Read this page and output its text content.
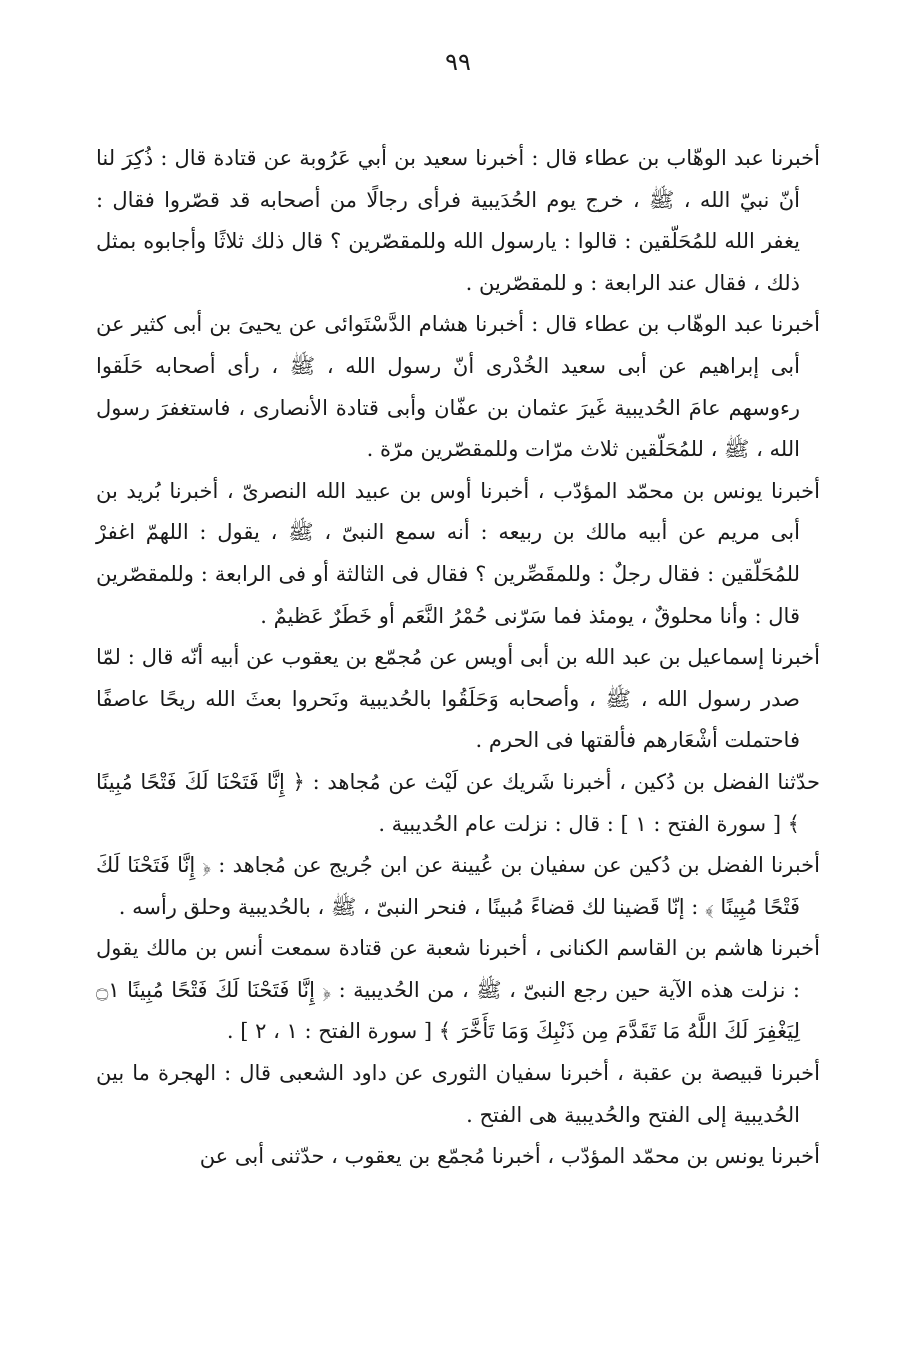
٩٩

أخبرنا عبد الوهّاب بن عطاء قال : أخبرنا سعيد بن أبي عَرُوبة عن قتادة قال : ذُكِرَ لنا أنّ نبيّ الله ، ﷺ ، خرج يوم الحُدَيبية فرأى رجالًا من أصحابه قد قصّروا فقال : يغفر الله للمُحَلّقين : قالوا : يارسول الله وللمقصّرين ؟ قال ذلك ثلاثًا وأجابوه بمثل ذلك ، فقال عند الرابعة : و للمقصّرين .

أخبرنا عبد الوهّاب بن عطاء قال : أخبرنا هشام الدَّسْتَوائى عن يحيىَ بن أبى كثير عن أبى إبراهيم عن أبى سعيد الخُدْرى أنّ رسول الله ، ﷺ ، رأى أصحابه حَلَقوا رءوسهم عامَ الحُديبية غَيرَ عثمان بن عفّان وأبى قتادة الأنصارى ، فاستغفرَ رسول الله ، ﷺ ، للمُحَلّقين ثلاث مرّات وللمقصّرين مرّة .

أخبرنا يونس بن محمّد المؤدّب ، أخبرنا أوس بن عبيد الله النصرىّ ، أخبرنا بُريد بن أبى مريم عن أبيه مالك بن ربيعه : أنه سمع النبىّ ، ﷺ ، يقول : اللهمّ اغفرْ للمُحَلّقين : فقال رجلٌ : وللمقَصِّرين ؟ فقال فى الثالثة أو فى الرابعة : وللمقصّرين قال : وأنا محلوقٌ ، يومئذ فما سَرّنى حُمْرُ النَّعَم أو خَطَرٌ عَظيمٌ .

أخبرنا إسماعيل بن عبد الله بن أبى أويس عن مُجمّع بن يعقوب عن أبيه أنّه قال : لمّا صدر رسول الله ، ﷺ ، وأصحابه وَحَلَقُوا بالحُديبية ونَحروا بعثَ الله ريحًا عاصفًا فاحتملت أشْعَارهم فألقتها فى الحرم .

حدّثنا الفضل بن دُكين ، أخبرنا شَريك عن لَيْث عن مُجاهد : ﴿ إِنَّا فَتَحْنَا لَكَ فَتْحًا مُبِينًا ﴾ [ سورة الفتح : ١ ] : قال : نزلت عام الحُديبية .

أخبرنا الفضل بن دُكين عن سفيان بن عُيينة عن ابن جُريج عن مُجاهد : ﴿ إِنَّا فَتَحْنَا لَكَ فَتْحًا مُبِينًا ﴾ : إنّا قَضينا لك قضاءً مُبينًا ، فنحر النبىّ ، ﷺ ، بالحُديبية وحلق رأسه .

أخبرنا هاشم بن القاسم الكنانى ، أخبرنا شعبة عن قتادة سمعت أنس بن مالك يقول : نزلت هذه الآية حين رجع النبىّ ، ﷺ ، من الحُديبية : ﴿ إِنَّا فَتَحْنَا لَكَ فَتْحًا مُبِينًا ۝١ لِيَغْفِرَ لَكَ اللَّهُ مَا تَقَدَّمَ مِن ذَنْبِكَ وَمَا تَأَخَّرَ ﴾ [ سورة الفتح : ١ ، ٢ ] .

أخبرنا قبيصة بن عقبة ، أخبرنا سفيان الثورى عن داود الشعبى قال : الهجرة ما بين الحُديبية إلى الفتح والحُديبية هى الفتح .

أخبرنا يونس بن محمّد المؤدّب ، أخبرنا مُجمّع بن يعقوب ، حدّثنى أبى عن
